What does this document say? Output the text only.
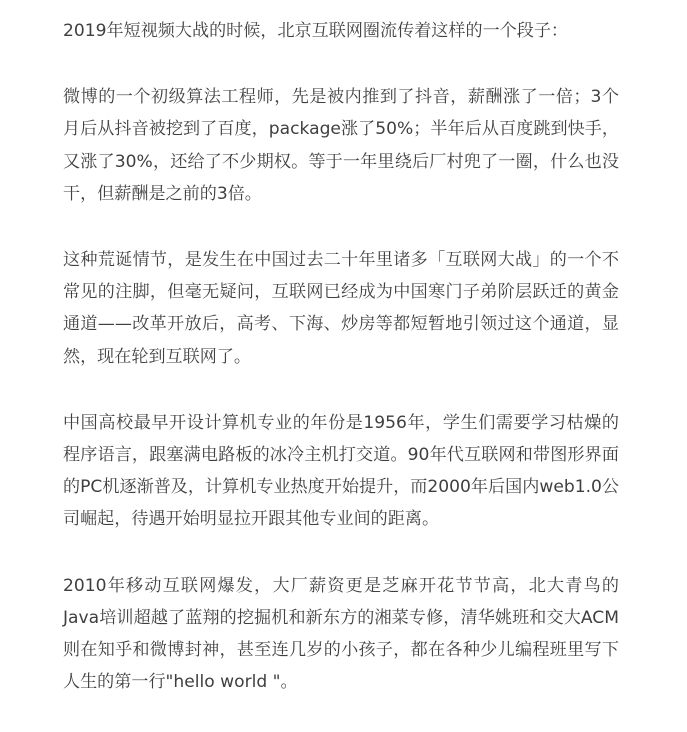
2019年短视频大战的时候，北京互联网圈流传着这样的一个段子：

微博的一个初级算法工程师，先是被内推到了抖音，薪酬涨了一倍；3个月后从抖音被挖到了百度，package涨了50%；半年后从百度跳到快手，又涨了30%，还给了不少期权。等于一年里绕后厂村兜了一圈，什么也没干，但薪酬是之前的3倍。

这种荒诞情节，是发生在中国过去二十年里诸多「互联网大战」的一个不常见的注脚，但毫无疑问，互联网已经成为中国寒门子弟阶层跃迁的黄金通道——改革开放后，高考、下海、炒房等都短暂地引领过这个通道，显然，现在轮到互联网了。

中国高校最早开设计算机专业的年份是1956年，学生们需要学习枯燥的程序语言，跟塞满电路板的冰冷主机打交道。90年代互联网和带图形界面的PC机逐渐普及，计算机专业热度开始提升，而2000年后国内web1.0公司崛起，待遇开始明显拉开跟其他专业间的距离。

2010年移动互联网爆发，大厂薪资更是芝麻开花节节高，北大青鸟的Java培训超越了蓝翔的挖掘机和新东方的湘菜专修，清华姚班和交大ACM则在知乎和微博封神，甚至连几岁的小孩子，都在各种少儿编程班里写下人生的第一行"hello world "。
